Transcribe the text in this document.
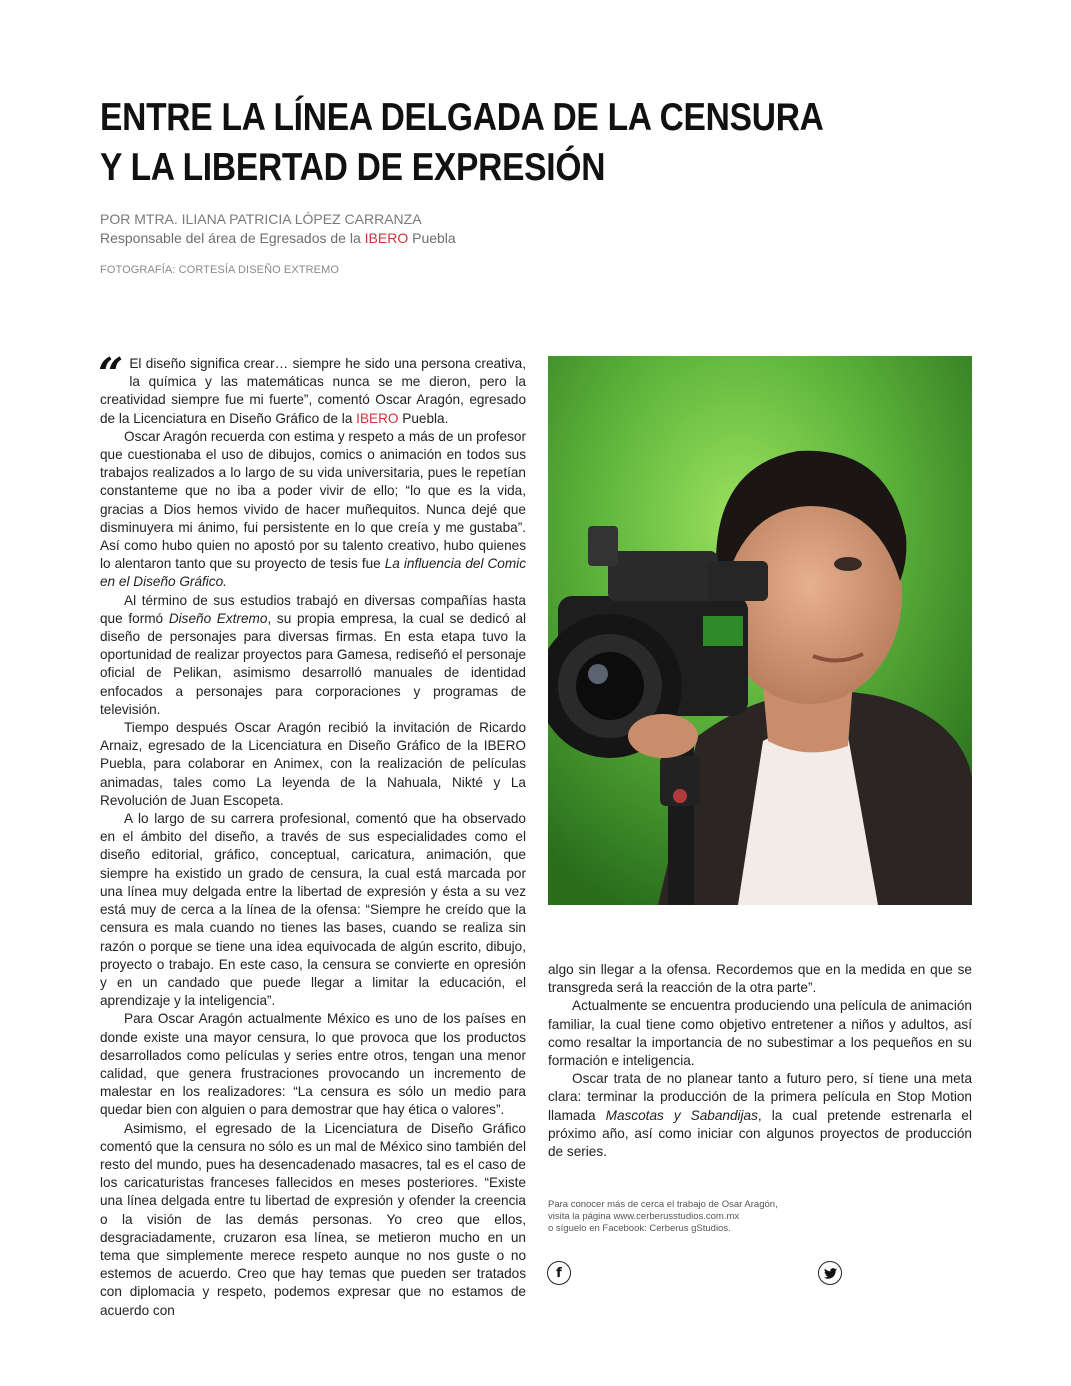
ENTRE LA LÍNEA DELGADA DE LA CENSURA
Y LA LIBERTAD DE EXPRESIÓN
POR MTRA. ILIANA PATRICIA LÓPEZ CARRANZA
Responsable del área de Egresados de la IBERO Puebla
FOTOGRAFÍA: CORTESÍA DISEÑO EXTREMO

“ El diseño significa crear… siempre he sido una persona creativa, la química y las matemáticas nunca se me dieron, pero la creatividad siempre fue mi fuerte”, comentó Oscar Aragón, egresado de la Licenciatura en Diseño Gráfico de la IBERO Puebla.

Oscar Aragón recuerda con estima y respeto a más de un profesor que cuestionaba el uso de dibujos, comics o animación en todos sus trabajos realizados a lo largo de su vida universitaria, pues le repetían constanteme que no iba a poder vivir de ello; “lo que es la vida, gracias a Dios hemos vivido de hacer muñequitos. Nunca dejé que disminuyera mi ánimo, fui persistente en lo que creía y me gustaba”. Así como hubo quien no apostó por su talento creativo, hubo quienes lo alentaron tanto que su proyecto de tesis fue La influencia del Comic en el Diseño Gráfico.

Al término de sus estudios trabajó en diversas compañías hasta que formó Diseño Extremo, su propia empresa, la cual se dedicó al diseño de personajes para diversas firmas. En esta etapa tuvo la oportunidad de realizar proyectos para Gamesa, rediseñó el personaje oficial de Pelikan, asimismo desarrolló manuales de identidad enfocados a personajes para corporaciones y programas de televisión.

Tiempo después Oscar Aragón recibió la invitación de Ricardo Arnaiz, egresado de la Licenciatura en Diseño Gráfico de la IBERO Puebla, para colaborar en Animex, con la realización de películas animadas, tales como La leyenda de la Nahuala, Nikté y La Revolución de Juan Escopeta.

A lo largo de su carrera profesional, comentó que ha observado en el ámbito del diseño, a través de sus especialidades como el diseño editorial, gráfico, conceptual, caricatura, animación, que siempre ha existido un grado de censura, la cual está marcada por una línea muy delgada entre la libertad de expresión y ésta a su vez está muy de cerca a la línea de la ofensa: “Siempre he creído que la censura es mala cuando no tienes las bases, cuando se realiza sin razón o porque se tiene una idea equivocada de algún escrito, dibujo, proyecto o trabajo. En este caso, la censura se convierte en opresión y en un candado que puede llegar a limitar la educación, el aprendizaje y la inteligencia”.

Para Oscar Aragón actualmente México es uno de los países en donde existe una mayor censura, lo que provoca que los productos desarrollados como películas y series entre otros, tengan una menor calidad, que genera frustraciones provocando un incremento de malestar en los realizadores: “La censura es sólo un medio para quedar bien con alguien o para demostrar que hay ética o valores”.

Asimismo, el egresado de la Licenciatura de Diseño Gráfico comentó que la censura no sólo es un mal de México sino también del resto del mundo, pues ha desencadenado masacres, tal es el caso de los caricaturistas franceses fallecidos en meses posteriores. “Existe una línea delgada entre tu libertad de expresión y ofender la creencia o la visión de las demás personas. Yo creo que ellos, desgraciadamente, cruzaron esa línea, se metieron mucho en un tema que simplemente merece respeto aunque no nos guste o no estemos de acuerdo. Creo que hay temas que pueden ser tratados con diplomacia y respeto, podemos expresar que no estamos de acuerdo con

algo sin llegar a la ofensa. Recordemos que en la medida en que se transgreda será la reacción de la otra parte”.

Actualmente se encuentra produciendo una película de animación familiar, la cual tiene como objetivo entretener a niños y adultos, así como resaltar la importancia de no subestimar a los pequeños en su formación e inteligencia.

Oscar trata de no planear tanto a futuro pero, sí tiene una meta clara: terminar la producción de la primera película en Stop Motion llamada Mascotas y Sabandijas, la cual pretende estrenarla el próximo año, así como iniciar con algunos proyectos de producción de series.

Para conocer más de cerca el trabajo de Osar Aragón,
visita la página www.cerberusstudios.com.mx
o síguelo en Facebook: Cerberus gStudios.
f
